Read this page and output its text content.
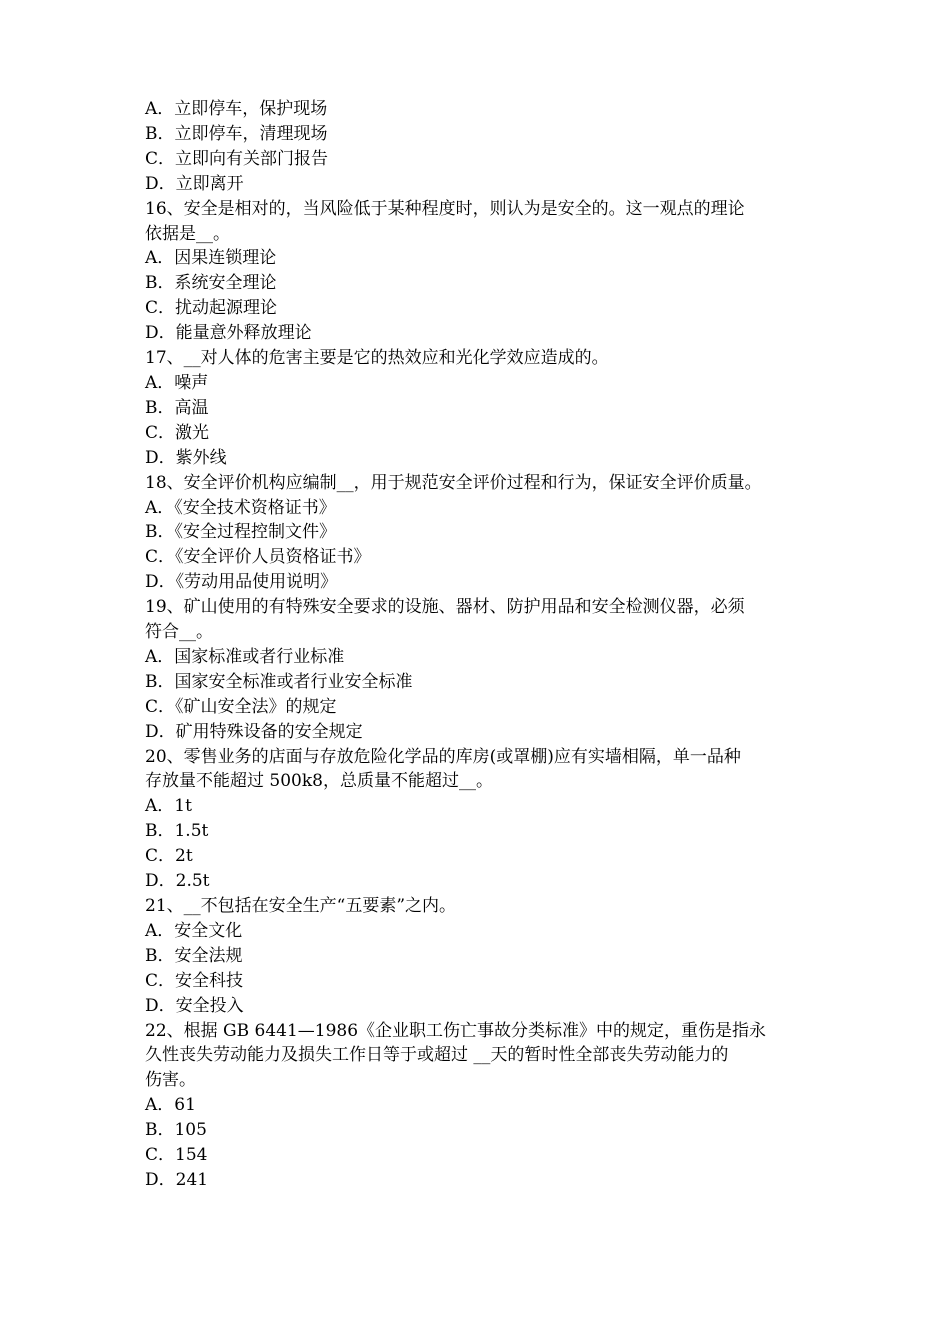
A．立即停车，保护现场
B．立即停车，清理现场
C．立即向有关部门报告
D．立即离开
16、安全是相对的，当风险低于某种程度时，则认为是安全的。这一观点的理论
依据是__。
A．因果连锁理论
B．系统安全理论
C．扰动起源理论
D．能量意外释放理论
17、__对人体的危害主要是它的热效应和光化学效应造成的。
A．噪声
B．高温
C．激光
D．紫外线
18、安全评价机构应编制__，用于规范安全评价过程和行为，保证安全评价质量。
A．《安全技术资格证书》
B．《安全过程控制文件》
C．《安全评价人员资格证书》
D．《劳动用品使用说明》
19、矿山使用的有特殊安全要求的设施、器材、防护用品和安全检测仪器，必须
符合__。
A．国家标准或者行业标准
B．国家安全标准或者行业安全标准
C．《矿山安全法》的规定
D．矿用特殊设备的安全规定
20、零售业务的店面与存放危险化学品的库房(或罩棚)应有实墙相隔，单一品种
存放量不能超过 500k8，总质量不能超过__。
A．1t
B．1.5t
C．2t
D．2.5t
21、__不包括在安全生产“五要素”之内。
A．安全文化
B．安全法规
C．安全科技
D．安全投入
22、根据 GB 6441—1986《企业职工伤亡事故分类标准》中的规定，重伤是指永
久性丧失劳动能力及损失工作日等于或超过 __天的暂时性全部丧失劳动能力的
伤害。
A．61
B．105
C．154
D．241
